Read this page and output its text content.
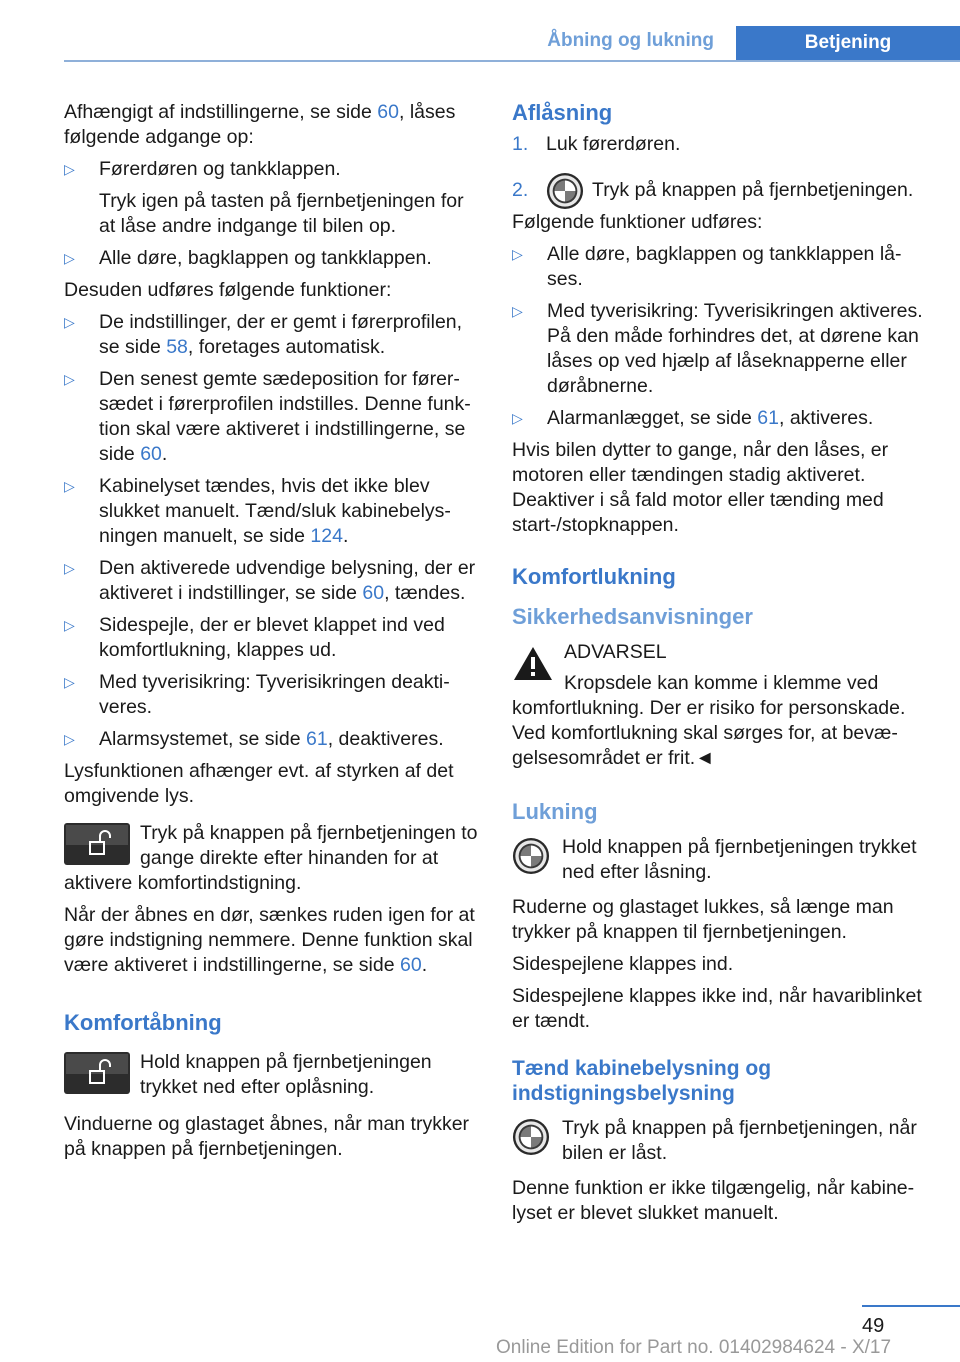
Åbning og lukning	Betjening

Afhængigt af indstillingerne, se side 60, låses følgende adgange op:

▷ Førerdøren og tankklappen.
Tryk igen på tasten på fjernbetjeningen for at låse andre indgange til bilen op.
▷ Alle døre, bagklappen og tankklappen.

Desuden udføres følgende funktioner:

▷ De indstillinger, der er gemt i førerprofilen, se side 58, foretages automatisk.
▷ Den senest gemte sædeposition for førersædet i førerprofilen indstilles. Denne funktion skal være aktiveret i indstillingerne, se side 60.
▷ Kabinelyset tændes, hvis det ikke blev slukket manuelt. Tænd/sluk kabinebelysningen manuelt, se side 124.
▷ Den aktiverede udvendige belysning, der er aktiveret i indstillinger, se side 60, tændes.
▷ Sidespejle, der er blevet klappet ind ved komfortlukning, klappes ud.
▷ Med tyverisikring: Tyverisikringen deaktiveres.
▷ Alarmsystemet, se side 61, deaktiveres.

Lysfunktionen afhænger evt. af styrken af det omgivende lys.

Tryk på knappen på fjernbetjeningen to gange direkte efter hinanden for at aktivere komfortindstigning.

Når der åbnes en dør, sænkes ruden igen for at gøre indstigning nemmere. Denne funktion skal være aktiveret i indstillingerne, se side 60.

Komfortåbning
Hold knappen på fjernbetjeningen trykket ned efter oplåsning.

Vinduerne og glastaget åbnes, når man trykker på knappen på fjernbetjeningen.

Aflåsning
1. Luk førerdøren.
2.	Tryk på knappen på fjernbetjeningen.

Følgende funktioner udføres:

▷ Alle døre, bagklappen og tankklappen låses.
▷ Med tyverisikring: Tyverisikringen aktiveres. På den måde forhindres det, at dørene kan låses op ved hjælp af låseknapperne eller døråbnerne.
▷ Alarmanlægget, se side 61, aktiveres.

Hvis bilen dytter to gange, når den låses, er motoren eller tændingen stadig aktiveret. Deaktiver i så fald motor eller tænding med start-/stopknappen.

Komfortlukning
Sikkerhedsanvisninger
ADVARSEL
Kropsdele kan komme i klemme ved komfortlukning. Der er risiko for personskade. Ved komfortlukning skal sørges for, at bevægelsesområdet er frit.◄
Lukning
Hold knappen på fjernbetjeningen trykket ned efter låsning.

Ruderne og glastaget lukkes, så længe man trykker på knappen til fjernbetjeningen.

Sidespejlene klappes ind.

Sidespejlene klappes ikke ind, når havariblinket er tændt.

Tænd kabinebelysning og indstigningsbelysning
Tryk på knappen på fjernbetjeningen, når bilen er låst.

Denne funktion er ikke tilgængelig, når kabinelyset er blevet slukket manuelt.

49
Online Edition for Part no. 01402984624 - X/17
